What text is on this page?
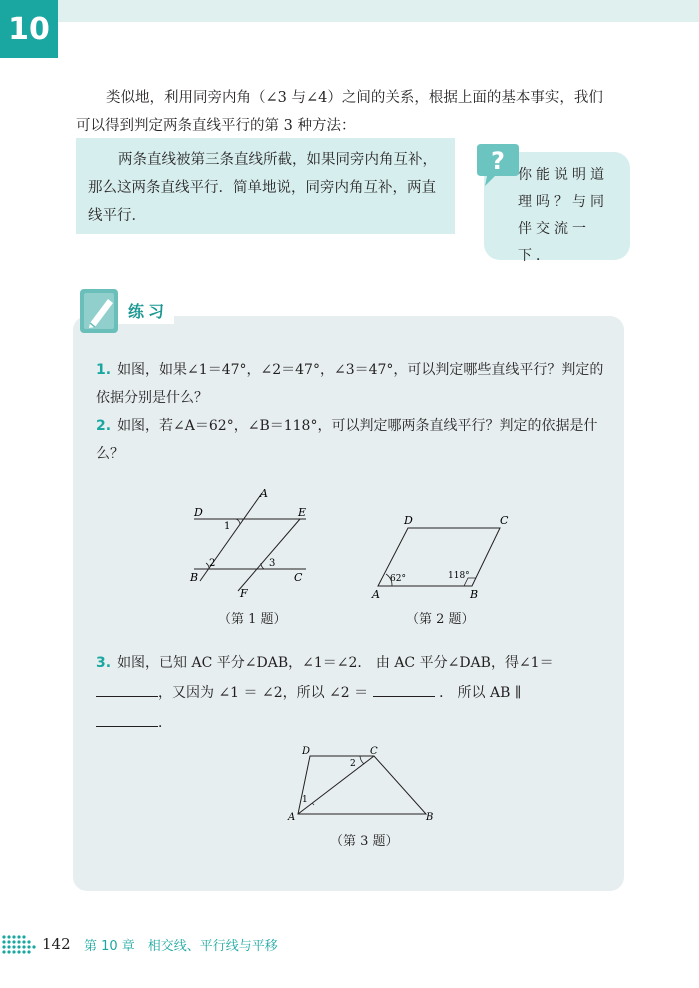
10
类似地，利用同旁内角（∠3 与∠4）之间的关系，根据上面的基本事实，我们
可以得到判定两条直线平行的第 3 种方法：
两条直线被第三条直线所截，如果同旁内角互补，那么这两条直线平行．简单地说，同旁内角互补，两直线平行．
你能说明道理吗？与同伴交流一下．
?
练习
1. 如图，如果∠1＝47°，∠2＝47°，∠3＝47°，可以判定哪些直线平行？判定的依据分别是什么？
2. 如图，若∠A＝62°，∠B＝118°，可以判定哪两条直线平行？判定的依据是什么？
A
D	E
B	C
F
1
2	3
（第 1 题）
D	C
A	B
62°	118°
（第 2 题）
3. 如图，已知 AC 平分∠DAB，∠1＝∠2． 由 AC 平分∠DAB，得∠1＝
，又因为 ∠1 ＝ ∠2，所以 ∠2 ＝	． 所以 AB ∥
．
D	C
A	B
1
2
（第 3 题）
142 第 10 章　相交线、平行线与平移
